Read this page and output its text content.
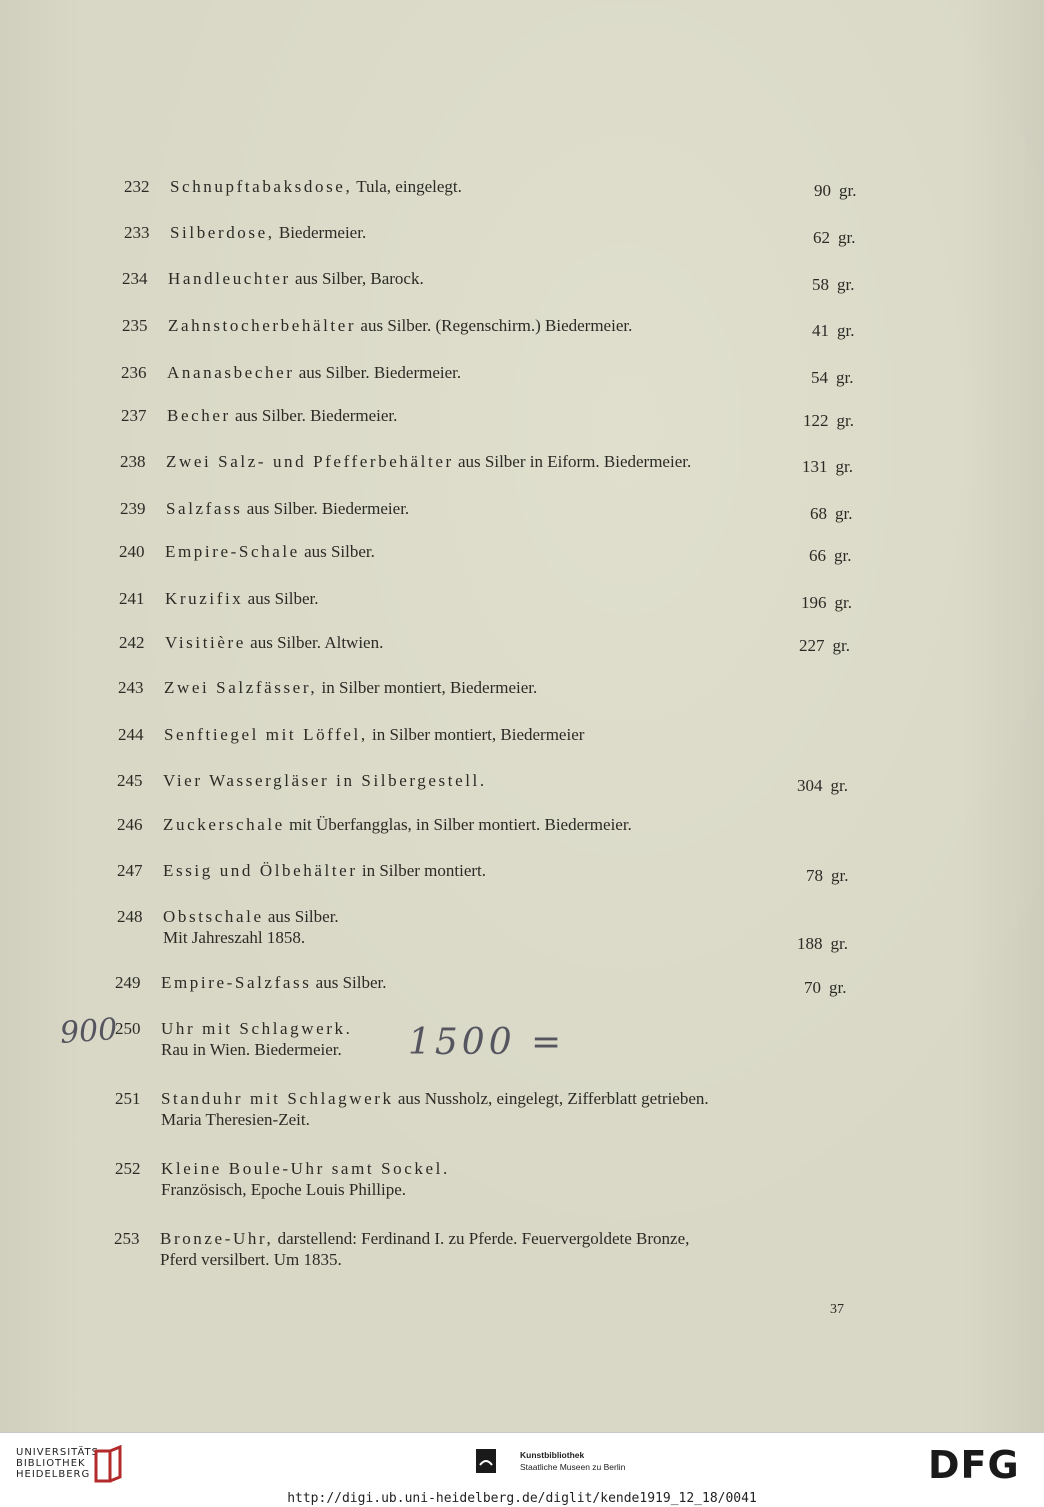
232	Schnupftabaksdose, Tula, eingelegt.	90 gr.
233	Silberdose, Biedermeier.	62 gr.
234	Handleuchter aus Silber, Barock.	58 gr.
235	Zahnstocherbehälter aus Silber. (Regenschirm.) Biedermeier.	41 gr.
236	Ananasbecher aus Silber. Biedermeier.	54 gr.
237	Becher aus Silber. Biedermeier.	122 gr.
238	Zwei Salz- und Pfefferbehälter aus Silber in Eiform. Biedermeier.	131 gr.
239	Salzfass aus Silber. Biedermeier.	68 gr.
240	Empire-Schale aus Silber.	66 gr.
241	Kruzifix aus Silber.	196 gr.
242	Visitière aus Silber. Altwien.	227 gr.
243	Zwei Salzfässer, in Silber montiert, Biedermeier.
244	Senftiegel mit Löffel, in Silber montiert, Biedermeier
245	Vier Wassergläser in Silbergestell.	304 gr.
246	Zuckerschale mit Überfangglas, in Silber montiert. Biedermeier.
247	Essig und Ölbehälter in Silber montiert.	78 gr.
248	Obstschale aus Silber.
Mit Jahreszahl 1858.	188 gr.
249	Empire-Salzfass aus Silber.	70 gr.
250	Uhr mit Schlagwerk.
Rau in Wien. Biedermeier.
251	Standuhr mit Schlagwerk aus Nussholz, eingelegt, Zifferblatt getrieben.
Maria Theresien-Zeit.
252	Kleine Boule-Uhr samt Sockel.
Französisch, Epoche Louis Phillipe.
253	Bronze-Uhr, darstellend: Ferdinand I. zu Pferde. Feuervergoldete Bronze,
Pferd versilbert. Um 1835.
900	1500 =
37
UNIVERSITÄTS-
BIBLIOTHEK
HEIDELBERG
Kunstbibliothek
Staatliche Museen zu Berlin	DFG
http://digi.ub.uni-heidelberg.de/diglit/kende1919_12_18/0041
